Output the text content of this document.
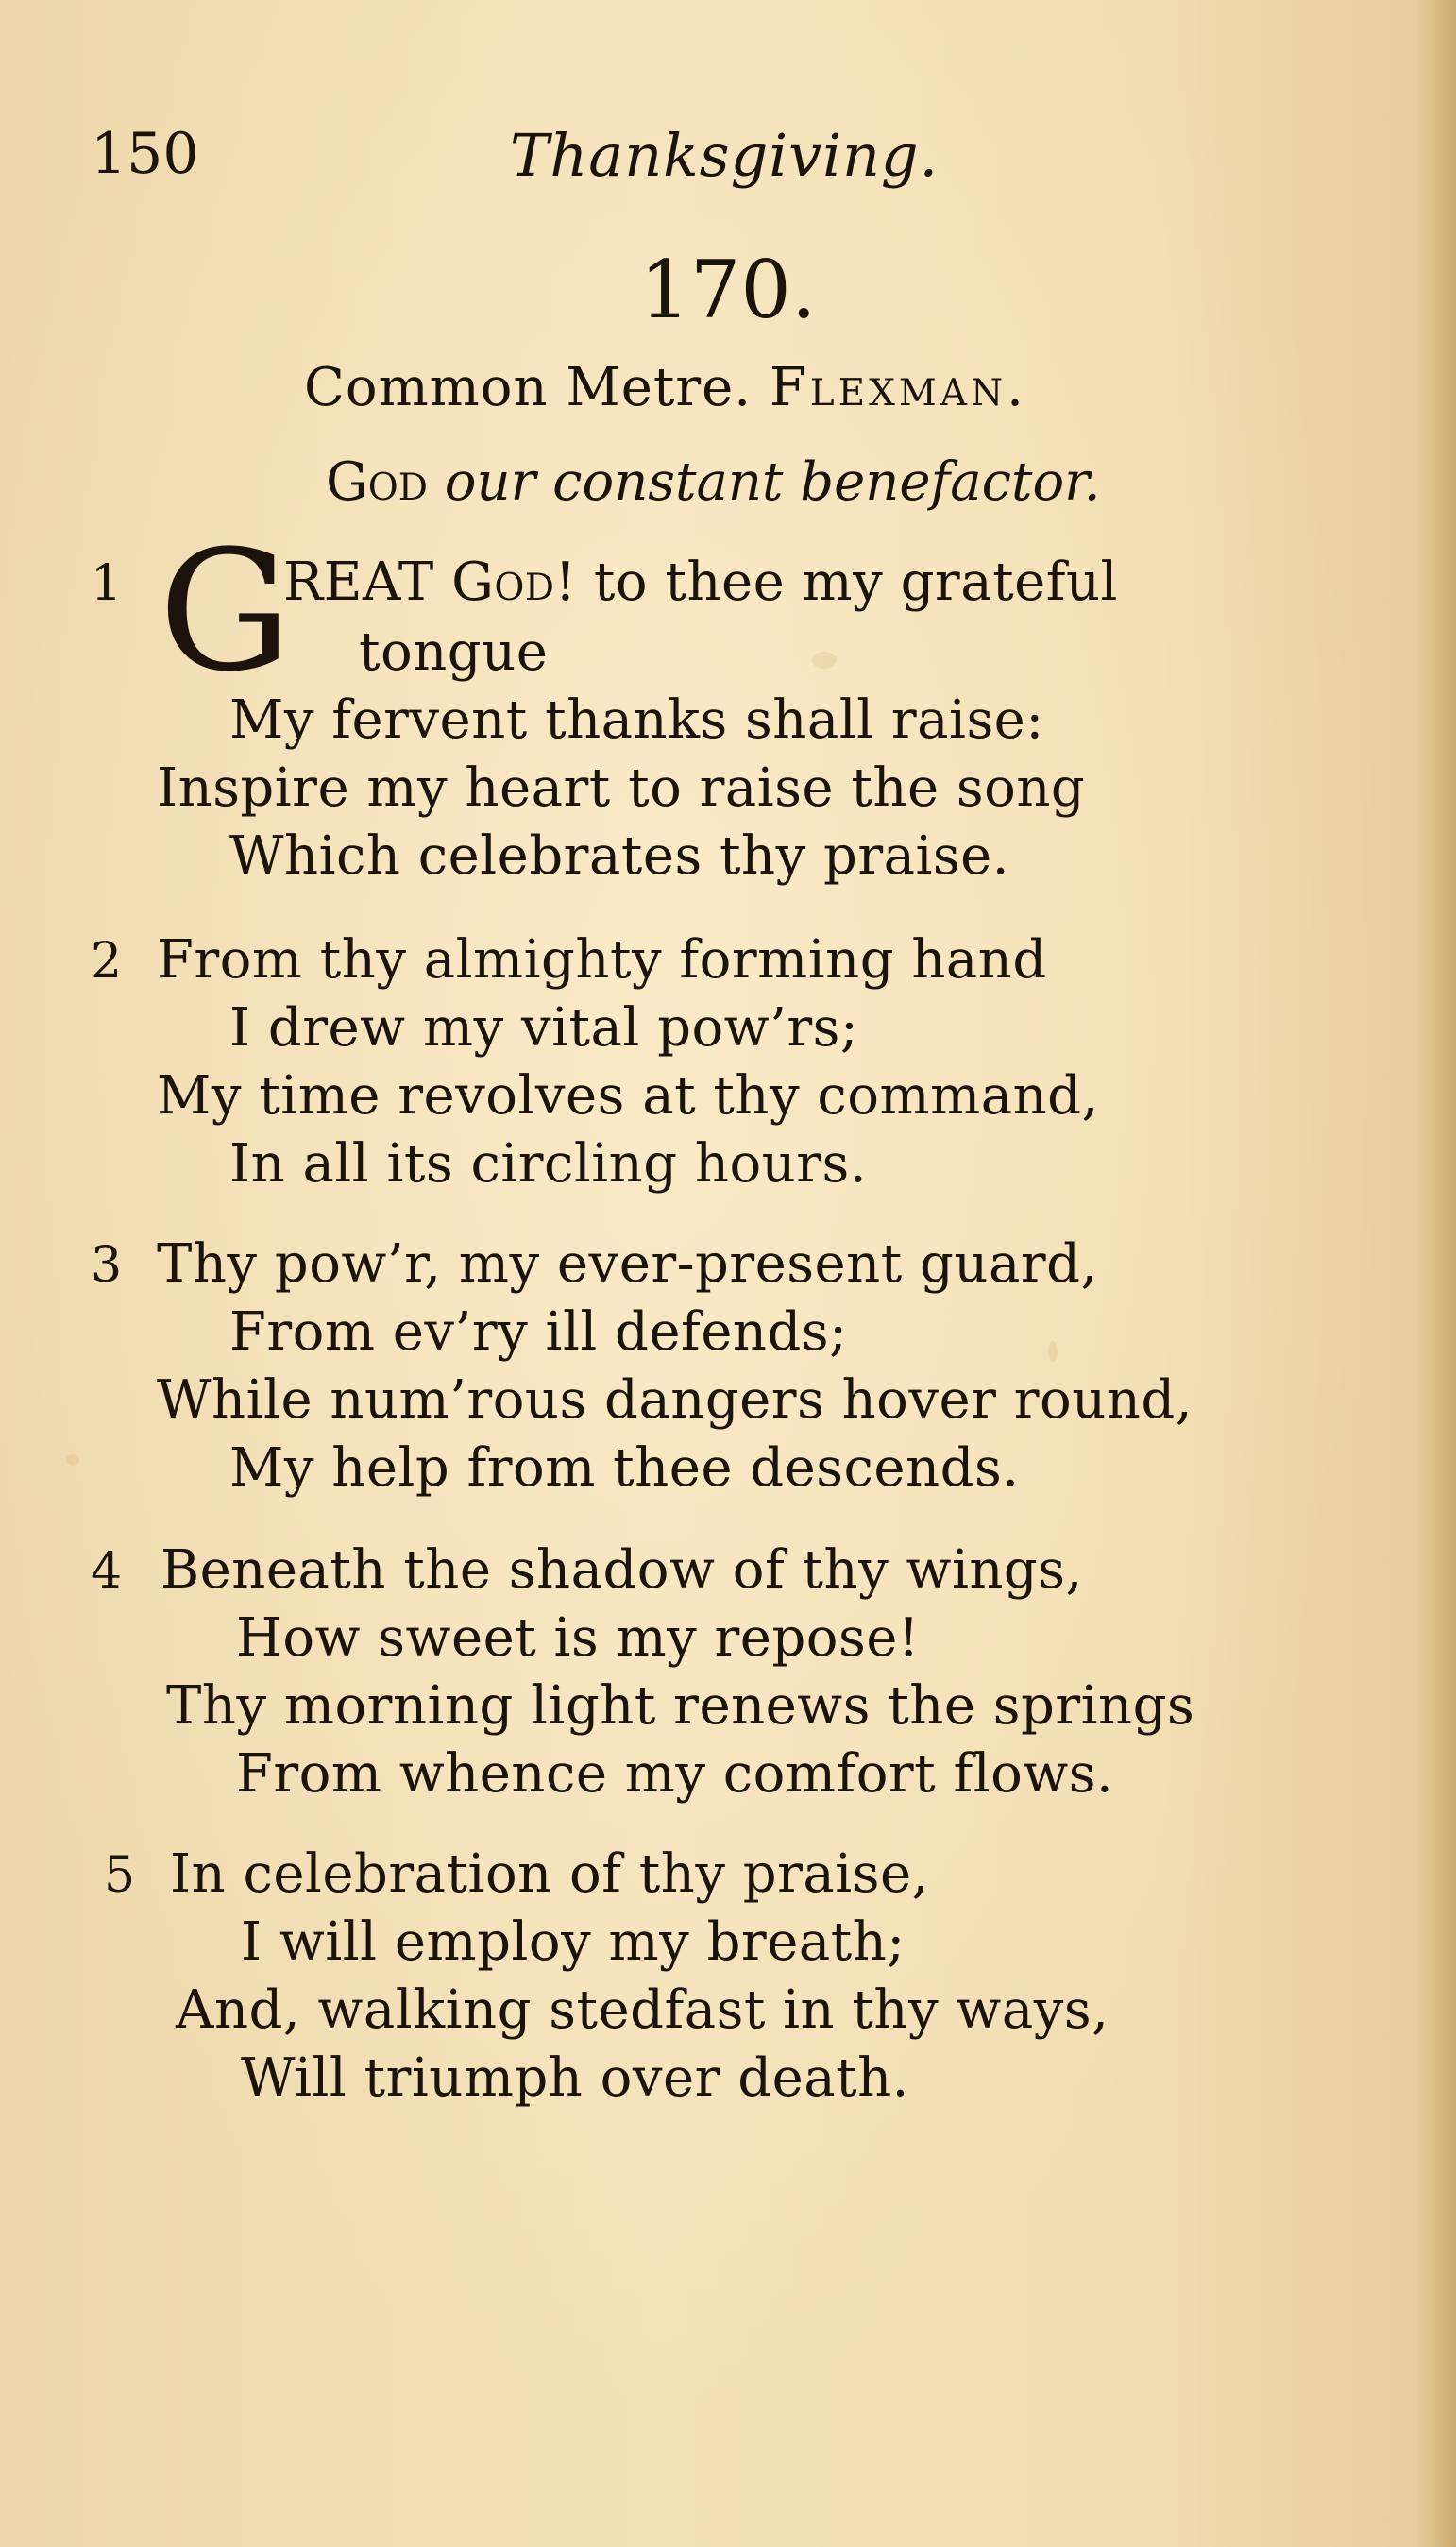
150	Thanksgiving.
170.
Common Metre. Flexman.
God our constant benefactor.
G
1	REAT God! to thee my grateful
tongue
My fervent thanks shall raise:
Inspire my heart to raise the song
Which celebrates thy praise.
2 From thy almighty forming hand
I drew my vital pow’rs;
My time revolves at thy command,
In all its circling hours.
3 Thy pow’r, my ever-present guard,
From ev’ry ill defends;
While num’rous dangers hover round,
My help from thee descends.
4 Beneath the shadow of thy wings,
How sweet is my repose!
Thy morning light renews the springs
From whence my comfort flows.
5 In celebration of thy praise,
I will employ my breath;
And, walking stedfast in thy ways,
Will triumph over death.
